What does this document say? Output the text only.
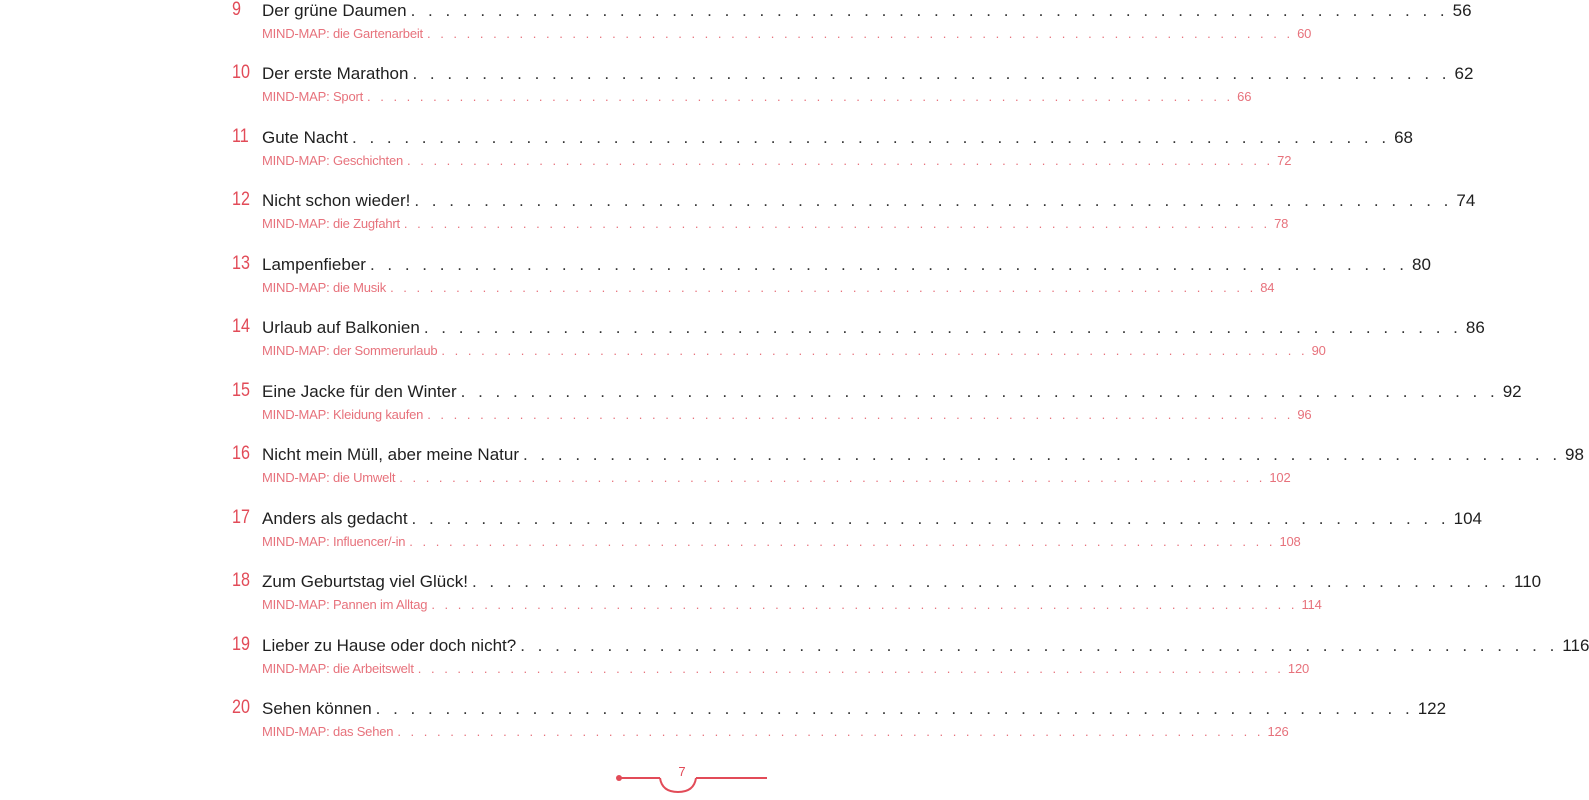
9	Der grüne Daumen . . . . . . . . . . . . . . . . . . . . . . . . . . . . . . . . . . . . . . . . . . . . . . . . . . . . . . . . . . . . 56
MIND-MAP: die Gartenarbeit . . . . . . . . . . . . . . . . . . . . . . . . . . . . . . . . . . . . . . . . . . . . . . . . . . . . . . . . . . . . . . . . . . 60
10 Der erste Marathon . . . . . . . . . . . . . . . . . . . . . . . . . . . . . . . . . . . . . . . . . . . . . . . . . . . . . . . . . . . . 62
MIND-MAP: Sport . . . . . . . . . . . . . . . . . . . . . . . . . . . . . . . . . . . . . . . . . . . . . . . . . . . . . . . . . . . . . . . . . . 66
11 Gute Nacht . . . . . . . . . . . . . . . . . . . . . . . . . . . . . . . . . . . . . . . . . . . . . . . . . . . . . . . . . . . . 68
MIND-MAP: Geschichten . . . . . . . . . . . . . . . . . . . . . . . . . . . . . . . . . . . . . . . . . . . . . . . . . . . . . . . . . . . . . . . . . . 72
12 Nicht schon wieder! . . . . . . . . . . . . . . . . . . . . . . . . . . . . . . . . . . . . . . . . . . . . . . . . . . . . . . . . . . . . 74
MIND-MAP: die Zugfahrt . . . . . . . . . . . . . . . . . . . . . . . . . . . . . . . . . . . . . . . . . . . . . . . . . . . . . . . . . . . . . . . . . . 78
13 Lampenfieber . . . . . . . . . . . . . . . . . . . . . . . . . . . . . . . . . . . . . . . . . . . . . . . . . . . . . . . . . . . . 80
MIND-MAP: die Musik . . . . . . . . . . . . . . . . . . . . . . . . . . . . . . . . . . . . . . . . . . . . . . . . . . . . . . . . . . . . . . . . . . 84
14 Urlaub auf Balkonien . . . . . . . . . . . . . . . . . . . . . . . . . . . . . . . . . . . . . . . . . . . . . . . . . . . . . . . . . . . . 86
MIND-MAP: der Sommerurlaub . . . . . . . . . . . . . . . . . . . . . . . . . . . . . . . . . . . . . . . . . . . . . . . . . . . . . . . . . . . . . . . . . . 90
15 Eine Jacke für den Winter . . . . . . . . . . . . . . . . . . . . . . . . . . . . . . . . . . . . . . . . . . . . . . . . . . . . . . . . . . . . 92
MIND-MAP: Kleidung kaufen . . . . . . . . . . . . . . . . . . . . . . . . . . . . . . . . . . . . . . . . . . . . . . . . . . . . . . . . . . . . . . . . . . 96
16 Nicht mein Müll, aber meine Natur . . . . . . . . . . . . . . . . . . . . . . . . . . . . . . . . . . . . . . . . . . . . . . . . . . . . . . . . . . . . 98
MIND-MAP: die Umwelt . . . . . . . . . . . . . . . . . . . . . . . . . . . . . . . . . . . . . . . . . . . . . . . . . . . . . . . . . . . . . . . . . . 102
17 Anders als gedacht . . . . . . . . . . . . . . . . . . . . . . . . . . . . . . . . . . . . . . . . . . . . . . . . . . . . . . . . . . . . 104
MIND-MAP: Influencer/-in . . . . . . . . . . . . . . . . . . . . . . . . . . . . . . . . . . . . . . . . . . . . . . . . . . . . . . . . . . . . . . . . . . 108
18 Zum Geburtstag viel Glück! . . . . . . . . . . . . . . . . . . . . . . . . . . . . . . . . . . . . . . . . . . . . . . . . . . . . . . . . . . . . 110
MIND-MAP: Pannen im Alltag . . . . . . . . . . . . . . . . . . . . . . . . . . . . . . . . . . . . . . . . . . . . . . . . . . . . . . . . . . . . . . . . . . 114
19 Lieber zu Hause oder doch nicht? . . . . . . . . . . . . . . . . . . . . . . . . . . . . . . . . . . . . . . . . . . . . . . . . . . . . . . . . . . . . 116
MIND-MAP: die Arbeitswelt . . . . . . . . . . . . . . . . . . . . . . . . . . . . . . . . . . . . . . . . . . . . . . . . . . . . . . . . . . . . . . . . . . 120
20 Sehen können . . . . . . . . . . . . . . . . . . . . . . . . . . . . . . . . . . . . . . . . . . . . . . . . . . . . . . . . . . . . 122
MIND-MAP: das Sehen . . . . . . . . . . . . . . . . . . . . . . . . . . . . . . . . . . . . . . . . . . . . . . . . . . . . . . . . . . . . . . . . . . 126
7
